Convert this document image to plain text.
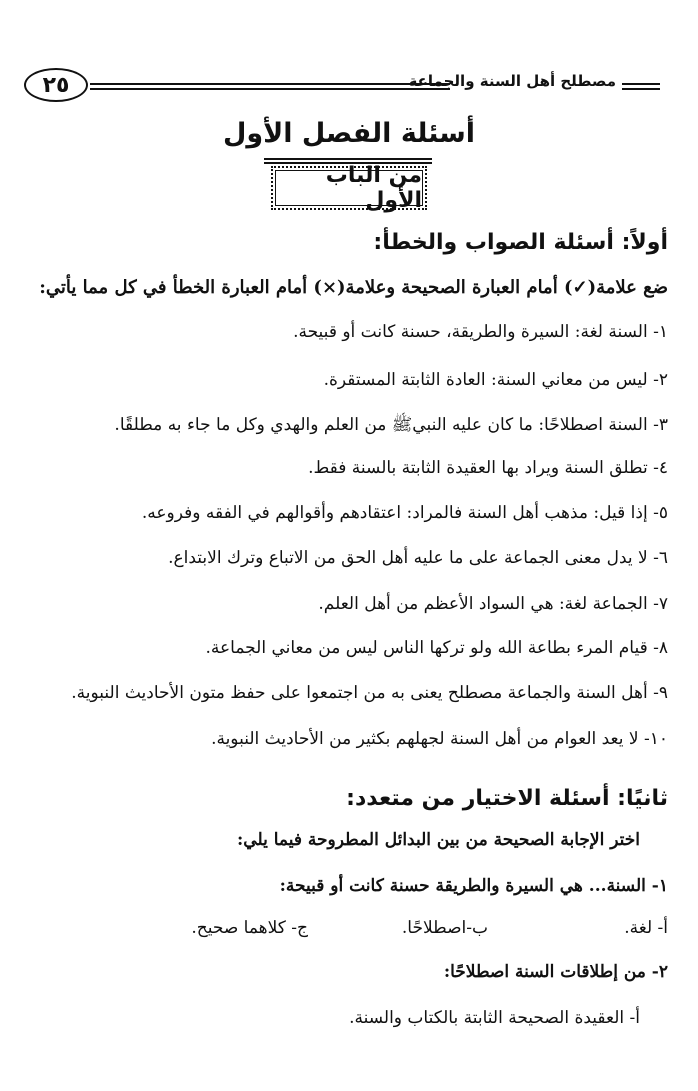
٢٥	مصطلح أهل السنة والجماعة
أسئلة الفصل الأول
من الباب الأول
أولاً: أسئلة الصواب والخطأ:
ضع علامة(✓) أمام العبارة الصحيحة وعلامة(×) أمام العبارة الخطأ في كل مما يأتي:
١- السنة لغة: السيرة والطريقة، حسنة كانت أو قبيحة.
٢- ليس من معاني السنة: العادة الثابتة المستقرة.
٣- السنة اصطلاحًا: ما كان عليه النبيﷺ من العلم والهدي وكل ما جاء به مطلقًا.
٤- تطلق السنة ويراد بها العقيدة الثابتة بالسنة فقط.
٥- إذا قيل: مذهب أهل السنة فالمراد: اعتقادهم وأقوالهم في الفقه وفروعه.
٦- لا يدل معنى الجماعة على ما عليه أهل الحق من الاتباع وترك الابتداع.
٧- الجماعة لغة: هي السواد الأعظم من أهل العلم.
٨- قيام المرء بطاعة الله ولو تركها الناس ليس من معاني الجماعة.
٩- أهل السنة والجماعة مصطلح يعنى به من اجتمعوا على حفظ متون الأحاديث النبوية.
١٠- لا يعد العوام من أهل السنة لجهلهم بكثير من الأحاديث النبوية.
ثانيًا: أسئلة الاختيار من متعدد:
اختر الإجابة الصحيحة من بين البدائل المطروحة فيما يلي:
١- السنة... هي السيرة والطريقة حسنة كانت أو قبيحة:
أ- لغة.
ب-اصطلاحًا.
ج- كلاهما صحيح.
٢- من إطلاقات السنة اصطلاحًا:
أ- العقيدة الصحيحة الثابتة بالكتاب والسنة.
